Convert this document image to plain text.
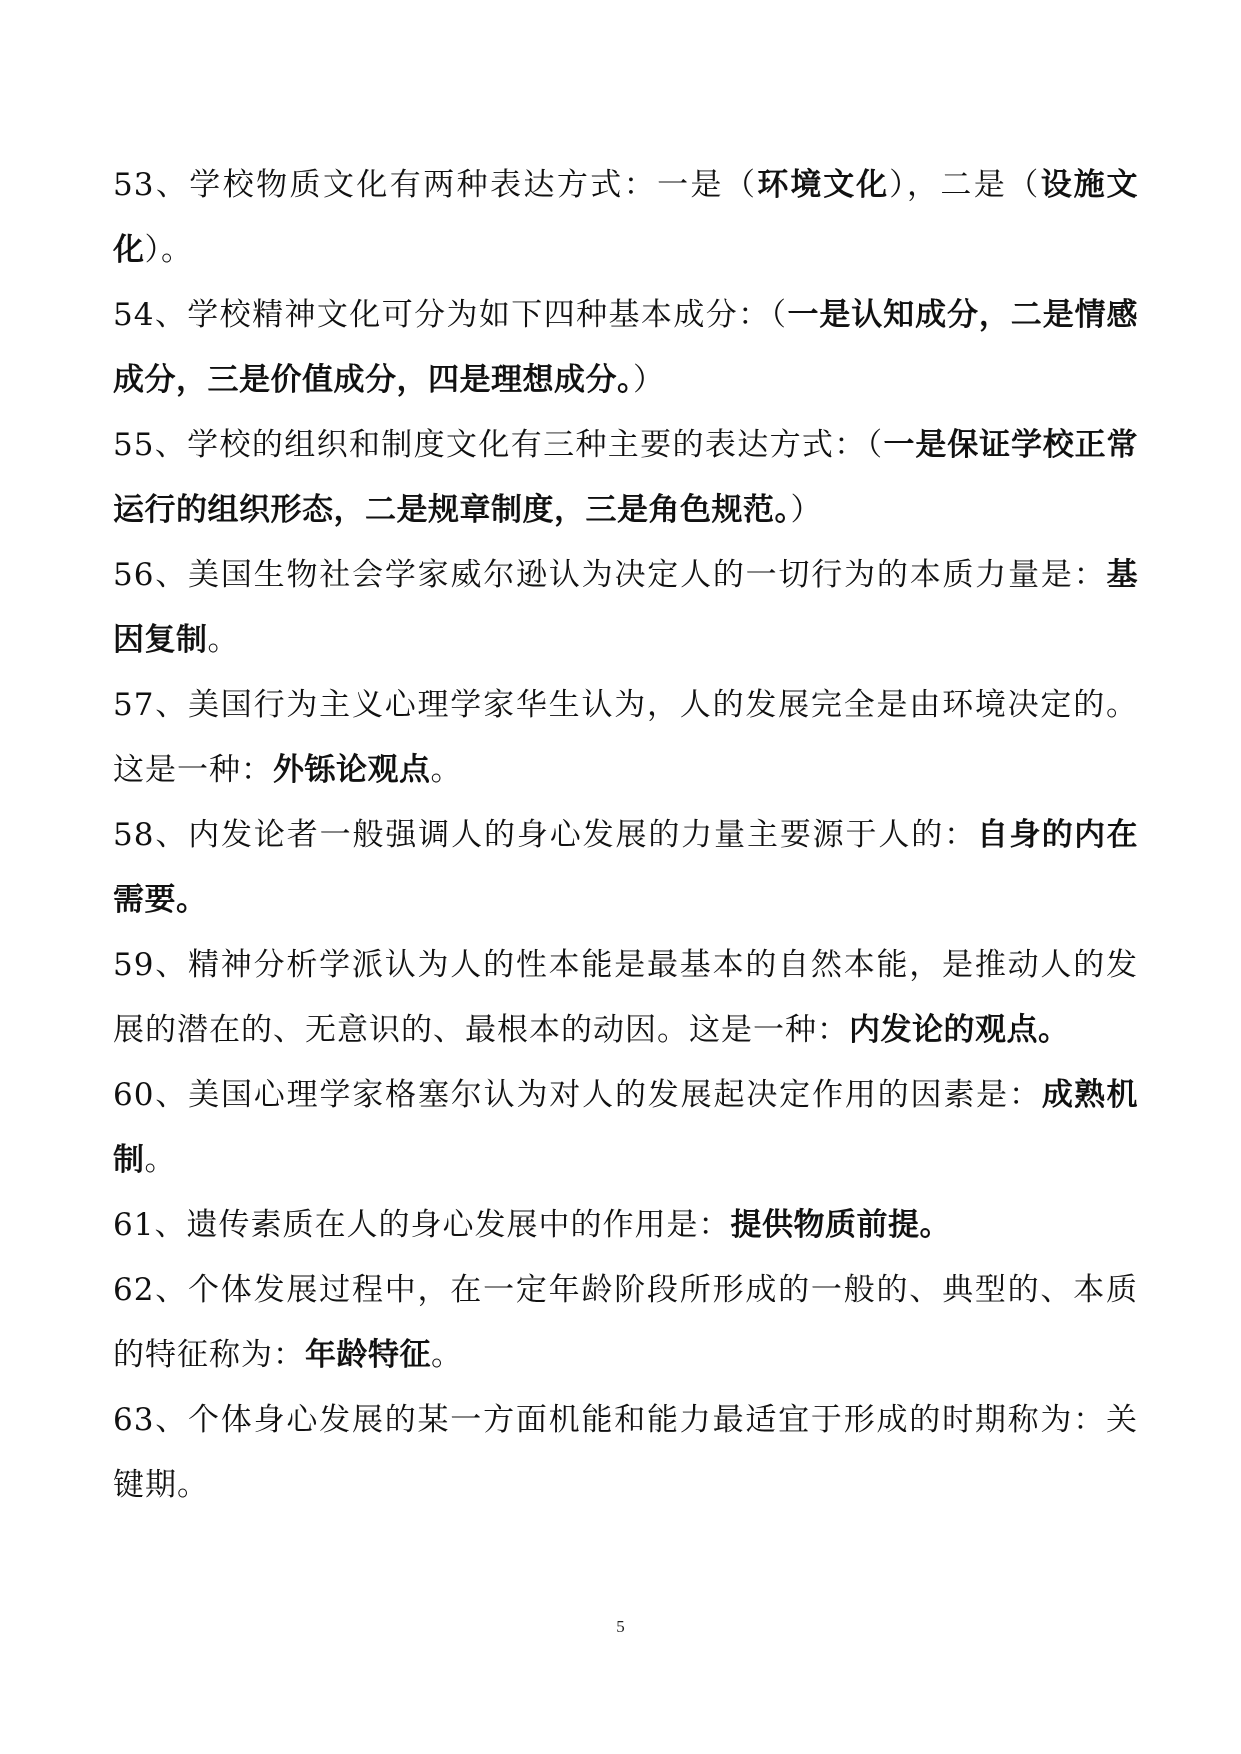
53、学校物质文化有两种表达方式：一是（环境文化），二是（设施文化）。

54、学校精神文化可分为如下四种基本成分：（一是认知成分，二是情感成分，三是价值成分，四是理想成分。）

55、学校的组织和制度文化有三种主要的表达方式：（一是保证学校正常运行的组织形态，二是规章制度，三是角色规范。）

56、美国生物社会学家威尔逊认为决定人的一切行为的本质力量是：基因复制。

57、美国行为主义心理学家华生认为，人的发展完全是由环境决定的。这是一种：外铄论观点。

58、内发论者一般强调人的身心发展的力量主要源于人的：自身的内在需要。

59、精神分析学派认为人的性本能是最基本的自然本能，是推动人的发展的潜在的、无意识的、最根本的动因。这是一种：内发论的观点。

60、美国心理学家格塞尔认为对人的发展起决定作用的因素是：成熟机制。

61、遗传素质在人的身心发展中的作用是：提供物质前提。

62、个体发展过程中，在一定年龄阶段所形成的一般的、典型的、本质的特征称为：年龄特征。

63、个体身心发展的某一方面机能和能力最适宜于形成的时期称为：关键期。

5
